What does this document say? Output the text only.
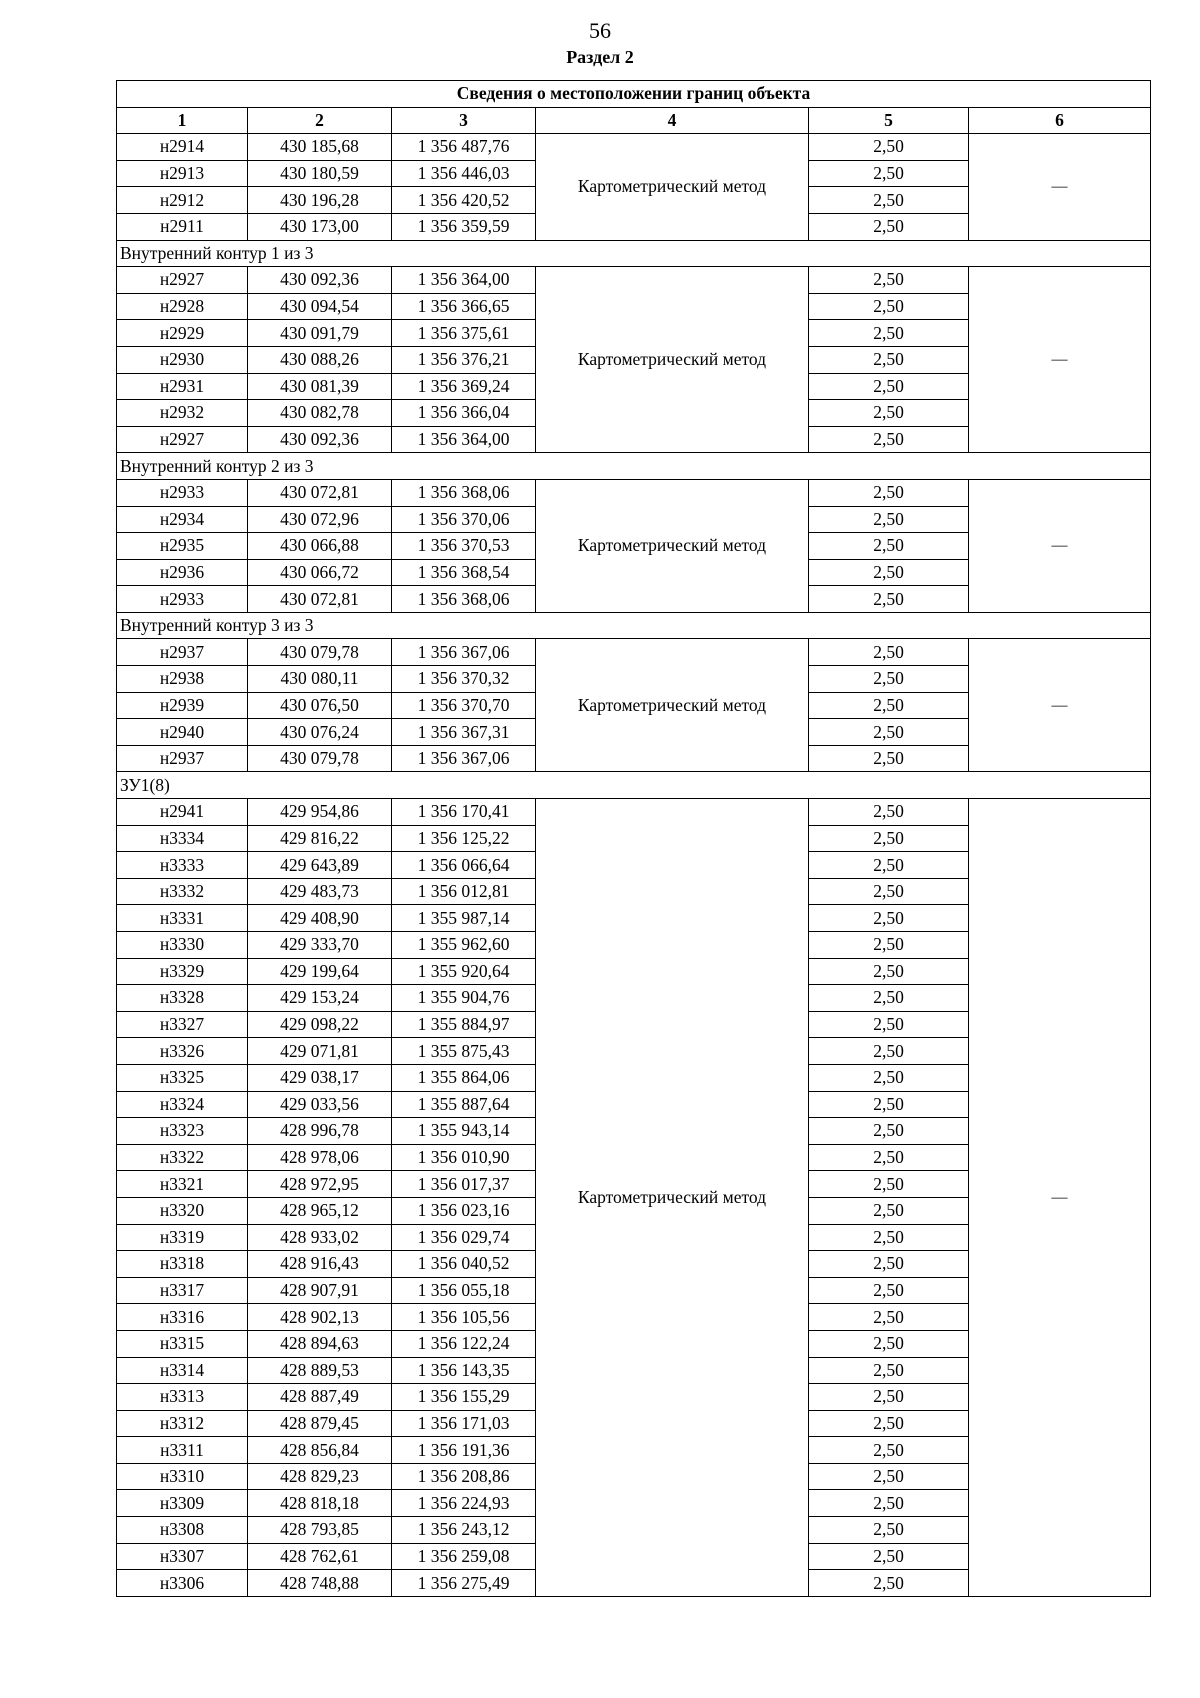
56
Раздел 2
Сведения о местоположении границ объекта					
1	2	3	4	5	6
н2914	430 185,68	1 356 487,76	Картометрический метод	2,50	—
н2913	430 180,59	1 356 446,03		2,50	
н2912	430 196,28	1 356 420,52		2,50	
н2911	430 173,00	1 356 359,59		2,50	
Внутренний контур 1 из 3					
н2927	430 092,36	1 356 364,00	Картометрический метод	2,50	—
н2928	430 094,54	1 356 366,65		2,50	
н2929	430 091,79	1 356 375,61		2,50	
н2930	430 088,26	1 356 376,21		2,50	
н2931	430 081,39	1 356 369,24		2,50	
н2932	430 082,78	1 356 366,04		2,50	
н2927	430 092,36	1 356 364,00		2,50	
Внутренний контур 2 из 3					
н2933	430 072,81	1 356 368,06	Картометрический метод	2,50	—
н2934	430 072,96	1 356 370,06		2,50	
н2935	430 066,88	1 356 370,53		2,50	
н2936	430 066,72	1 356 368,54		2,50	
н2933	430 072,81	1 356 368,06		2,50	
Внутренний контур 3 из 3					
н2937	430 079,78	1 356 367,06	Картометрический метод	2,50	—
н2938	430 080,11	1 356 370,32		2,50	
н2939	430 076,50	1 356 370,70		2,50	
н2940	430 076,24	1 356 367,31		2,50	
н2937	430 079,78	1 356 367,06		2,50	
ЗУ1(8)					
н2941	429 954,86	1 356 170,41	Картометрический метод	2,50	—
н3334	429 816,22	1 356 125,22		2,50	
н3333	429 643,89	1 356 066,64		2,50	
н3332	429 483,73	1 356 012,81		2,50	
н3331	429 408,90	1 355 987,14		2,50	
н3330	429 333,70	1 355 962,60		2,50	
н3329	429 199,64	1 355 920,64		2,50	
н3328	429 153,24	1 355 904,76		2,50	
н3327	429 098,22	1 355 884,97		2,50	
н3326	429 071,81	1 355 875,43		2,50	
н3325	429 038,17	1 355 864,06		2,50	
н3324	429 033,56	1 355 887,64		2,50	
н3323	428 996,78	1 355 943,14		2,50	
н3322	428 978,06	1 356 010,90		2,50	
н3321	428 972,95	1 356 017,37		2,50	
н3320	428 965,12	1 356 023,16		2,50	
н3319	428 933,02	1 356 029,74		2,50	
н3318	428 916,43	1 356 040,52		2,50	
н3317	428 907,91	1 356 055,18		2,50	
н3316	428 902,13	1 356 105,56		2,50	
н3315	428 894,63	1 356 122,24		2,50	
н3314	428 889,53	1 356 143,35		2,50	
н3313	428 887,49	1 356 155,29		2,50	
н3312	428 879,45	1 356 171,03		2,50	
н3311	428 856,84	1 356 191,36		2,50	
н3310	428 829,23	1 356 208,86		2,50	
н3309	428 818,18	1 356 224,93		2,50	
н3308	428 793,85	1 356 243,12		2,50	
н3307	428 762,61	1 356 259,08		2,50	
н3306	428 748,88	1 356 275,49		2,50	
